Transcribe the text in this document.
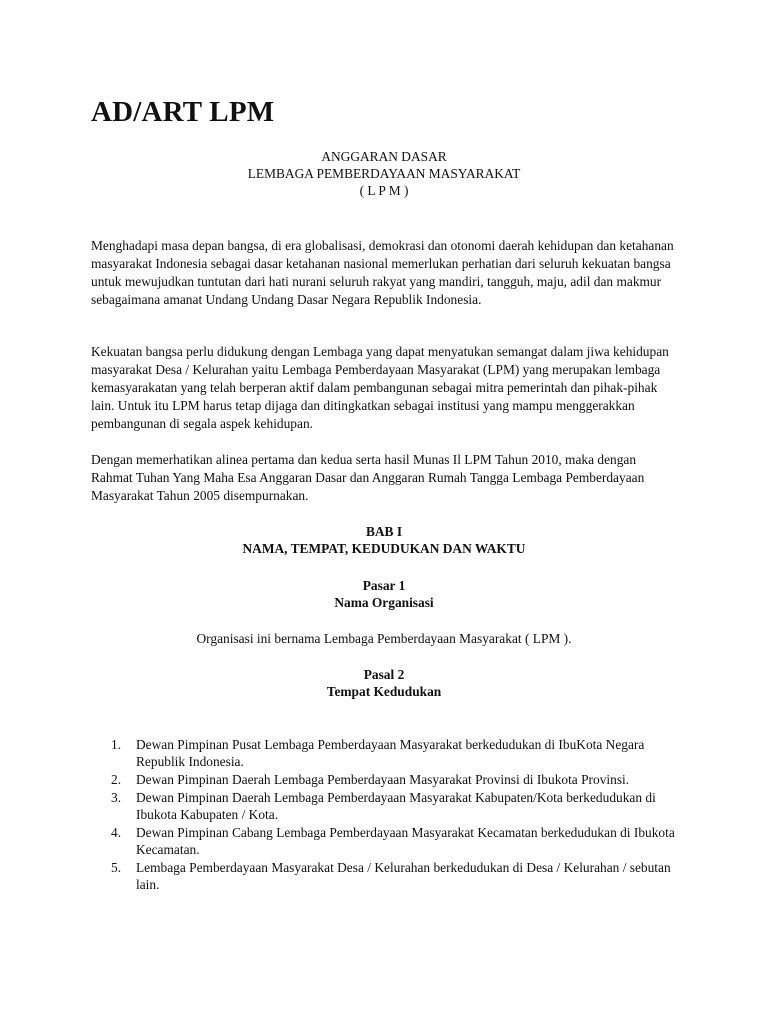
AD/ART LPM
ANGGARAN DASAR
LEMBAGA PEMBERDAYAAN MASYARAKAT
( L P M )

Menghadapi masa depan bangsa, di era globalisasi, demokrasi dan otonomi daerah kehidupan dan ketahanan masyarakat Indonesia sebagai dasar ketahanan nasional memerlukan perhatian dari seluruh kekuatan bangsa untuk mewujudkan tuntutan dari hati nurani seluruh rakyat yang mandiri, tangguh, maju, adil dan makmur sebagaimana amanat Undang Undang Dasar Negara Republik Indonesia.

Kekuatan bangsa perlu didukung dengan Lembaga yang dapat menyatukan semangat dalam jiwa kehidupan masyarakat Desa / Kelurahan yaitu Lembaga Pemberdayaan Masyarakat (LPM) yang merupakan lembaga kemasyarakatan yang telah berperan aktif dalam pembangunan sebagai mitra pemerintah dan pihak-pihak lain. Untuk itu LPM harus tetap dijaga dan ditingkatkan sebagai institusi yang mampu menggerakkan pembangunan di segala aspek kehidupan.

Dengan memerhatikan alinea pertama dan kedua serta hasil Munas Il LPM Tahun 2010, maka dengan Rahmat Tuhan Yang Maha Esa Anggaran Dasar dan Anggaran Rumah Tangga Lembaga Pemberdayaan Masyarakat Tahun 2005 disempurnakan.

BAB I
NAMA, TEMPAT, KEDUDUKAN DAN WAKTU
Pasar 1
Nama Organisasi
Organisasi ini bernama Lembaga Pemberdayaan Masyarakat ( LPM ).
Pasal 2
Tempat Kedudukan
1.	Dewan Pimpinan Pusat Lembaga Pemberdayaan Masyarakat berkedudukan di IbuKota Negara Republik Indonesia.
2.	Dewan Pimpinan Daerah Lembaga Pemberdayaan Masyarakat Provinsi di Ibukota Provinsi.
3.	Dewan Pimpinan Daerah Lembaga Pemberdayaan Masyarakat Kabupaten/Kota berkedudukan di Ibukota Kabupaten / Kota.
4.	Dewan Pimpinan Cabang Lembaga Pemberdayaan Masyarakat Kecamatan berkedudukan di Ibukota Kecamatan.
5.	Lembaga Pemberdayaan Masyarakat Desa / Kelurahan berkedudukan di Desa / Kelurahan / sebutan lain.
